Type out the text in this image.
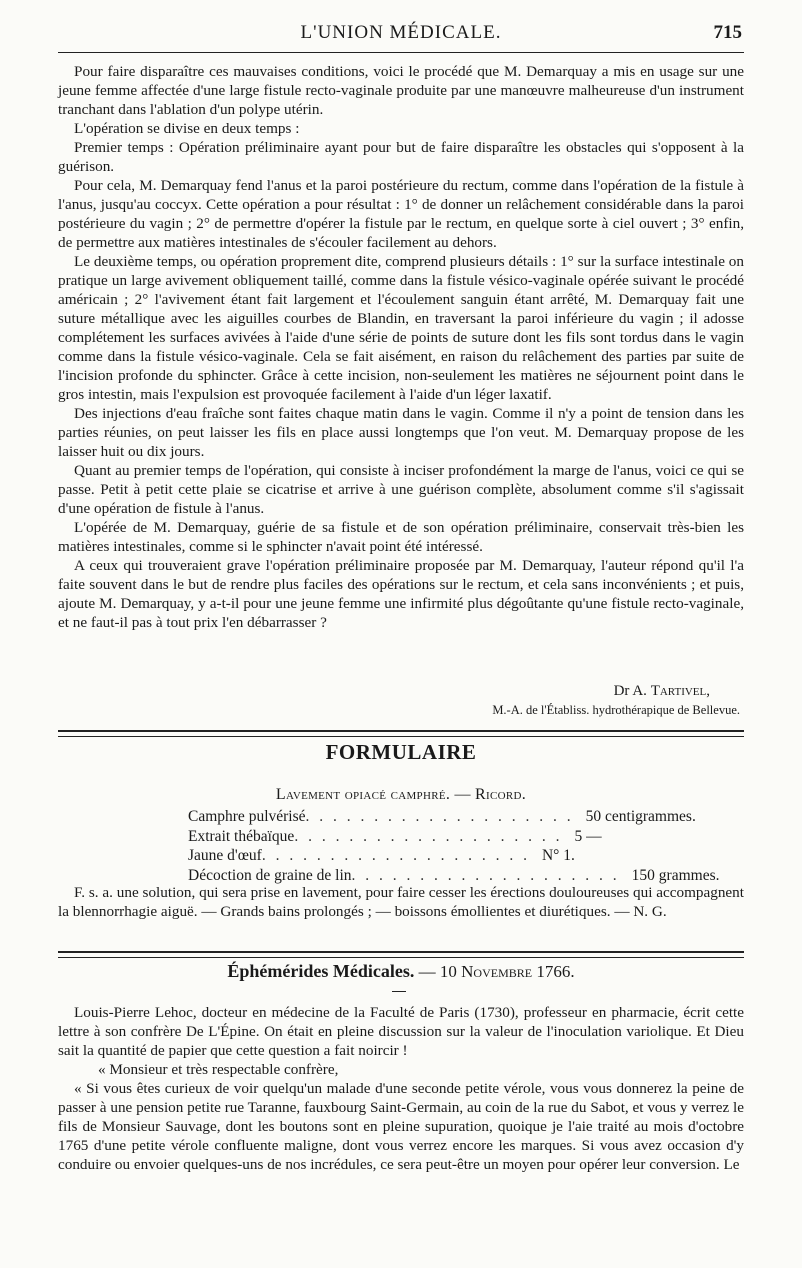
L'UNION MÉDICALE.	715

Pour faire disparaître ces mauvaises conditions, voici le procédé que M. Demarquay a mis en usage sur une jeune femme affectée d'une large fistule recto-vaginale produite par une manœuvre malheureuse d'un instrument tranchant dans l'ablation d'un polype utérin.

L'opération se divise en deux temps :

Premier temps : Opération préliminaire ayant pour but de faire disparaître les obstacles qui s'opposent à la guérison.

Pour cela, M. Demarquay fend l'anus et la paroi postérieure du rectum, comme dans l'opération de la fistule à l'anus, jusqu'au coccyx. Cette opération a pour résultat : 1° de donner un relâchement considérable dans la paroi postérieure du vagin ; 2° de permettre d'opérer la fistule par le rectum, en quelque sorte à ciel ouvert ; 3° enfin, de permettre aux matières intestinales de s'écouler facilement au dehors.

Le deuxième temps, ou opération proprement dite, comprend plusieurs détails : 1° sur la surface intestinale on pratique un large avivement obliquement taillé, comme dans la fistule vésico-vaginale opérée suivant le procédé américain ; 2° l'avivement étant fait largement et l'écoulement sanguin étant arrêté, M. Demarquay fait une suture métallique avec les aiguilles courbes de Blandin, en traversant la paroi inférieure du vagin ; il adosse complétement les surfaces avivées à l'aide d'une série de points de suture dont les fils sont tordus dans le vagin comme dans la fistule vésico-vaginale. Cela se fait aisément, en raison du relâchement des parties par suite de l'incision profonde du sphincter. Grâce à cette incision, non-seulement les matières ne séjournent point dans le gros intestin, mais l'expulsion est provoquée facilement à l'aide d'un léger laxatif.

Des injections d'eau fraîche sont faites chaque matin dans le vagin. Comme il n'y a point de tension dans les parties réunies, on peut laisser les fils en place aussi longtemps que l'on veut. M. Demarquay propose de les laisser huit ou dix jours.

Quant au premier temps de l'opération, qui consiste à inciser profondément la marge de l'anus, voici ce qui se passe. Petit à petit cette plaie se cicatrise et arrive à une guérison complète, absolument comme s'il s'agissait d'une opération de fistule à l'anus.

L'opérée de M. Demarquay, guérie de sa fistule et de son opération préliminaire, conservait très-bien les matières intestinales, comme si le sphincter n'avait point été intéressé.

A ceux qui trouveraient grave l'opération préliminaire proposée par M. Demarquay, l'auteur répond qu'il l'a faite souvent dans le but de rendre plus faciles des opérations sur le rectum, et cela sans inconvénients ; et puis, ajoute M. Demarquay, y a-t-il pour une jeune femme une infirmité plus dégoûtante qu'une fistule recto-vaginale, et ne faut-il pas à tout prix l'en débarrasser ?

Dr A. Tartivel,
M.-A. de l'Établiss. hydrothérapique de Bellevue.
FORMULAIRE
Lavement opiacé camphré. — Ricord.
Camphre pulvérisé . . . . . . . . . . . . . . . . . . . . 50 centigrammes.
Extrait thébaïque . . . . . . . . . . . . . . . . . . . . 5 —
Jaune d'œuf . . . . . . . . . . . . . . . . . . . . N° 1.
Décoction de graine de lin . . . . . . . . . . . . . . . . . . . . 150 grammes.

F. s. a. une solution, qui sera prise en lavement, pour faire cesser les érections douloureuses qui accompagnent la blennorrhagie aiguë. — Grands bains prolongés ; — boissons émollientes et diurétiques. — N. G.

Éphémérides Médicales. — 10 Novembre 1766.

Louis-Pierre Lehoc, docteur en médecine de la Faculté de Paris (1730), professeur en pharmacie, écrit cette lettre à son confrère De L'Épine. On était en pleine discussion sur la valeur de l'inoculation variolique. Et Dieu sait la quantité de papier que cette question a fait noircir !

« Monsieur et très respectable confrère,

« Si vous êtes curieux de voir quelqu'un malade d'une seconde petite vérole, vous vous donnerez la peine de passer à une pension petite rue Taranne, fauxbourg Saint-Germain, au coin de la rue du Sabot, et vous y verrez le fils de Monsieur Sauvage, dont les boutons sont en pleine supuration, quoique je l'aie traité au mois d'octobre 1765 d'une petite vérole confluente maligne, dont vous verrez encore les marques. Si vous avez occasion d'y conduire ou envoier quelques-uns de nos incrédules, ce sera peut-être un moyen pour opérer leur conversion. Le
